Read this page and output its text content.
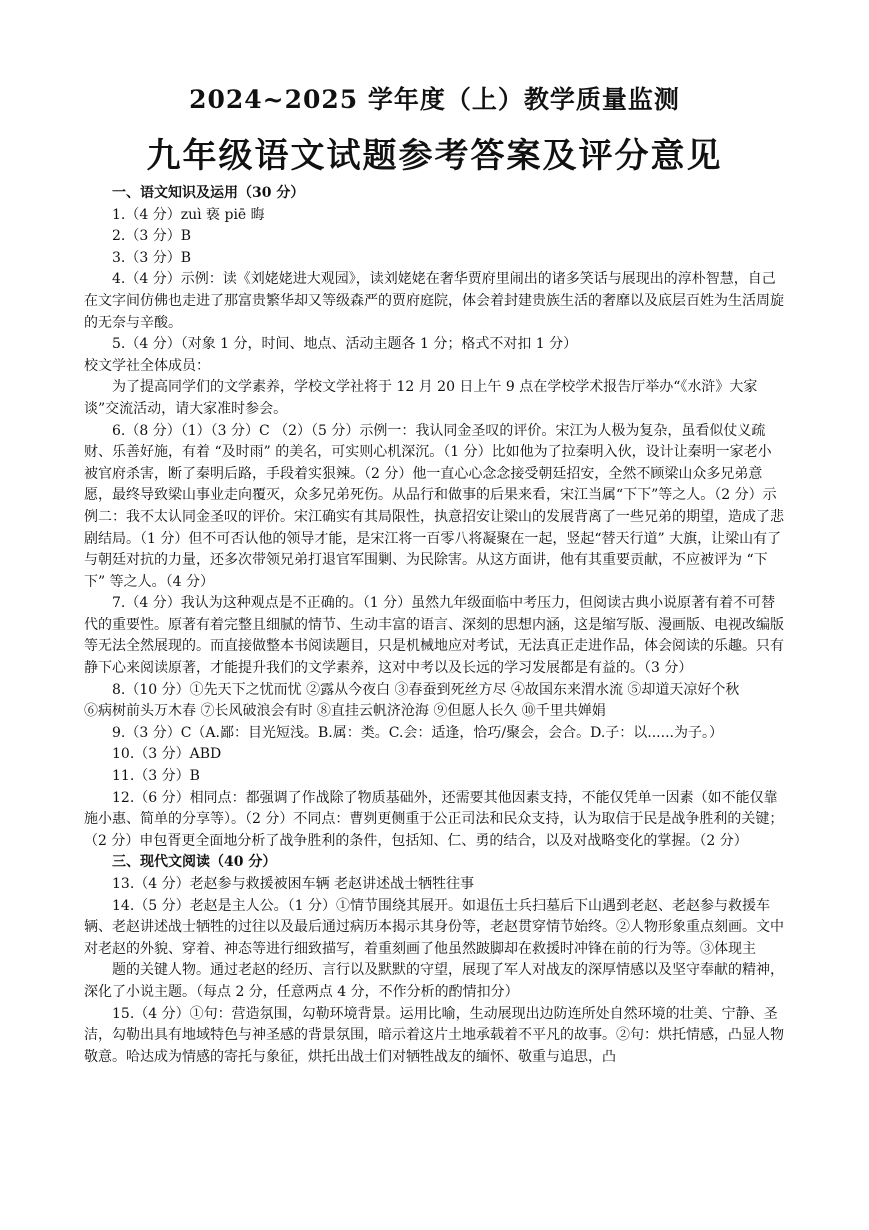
2024~2025 学年度（上）教学质量监测
九年级语文试题参考答案及评分意见

一、语文知识及运用（30 分）

1.（4 分）zuì 亵 piē 晦

2.（3 分）B

3.（3 分）B

4.（4 分）示例：读《刘姥姥进大观园》，读刘姥姥在奢华贾府里闹出的诸多笑话与展现出的淳朴智慧，自己在文字间仿佛也走进了那富贵繁华却又等级森严的贾府庭院，体会着封建贵族生活的奢靡以及底层百姓为生活周旋的无奈与辛酸。

5.（4 分）（对象 1 分，时间、地点、活动主题各 1 分；格式不对扣 1 分）

校文学社全体成员：

为了提高同学们的文学素养，学校文学社将于 12 月 20 日上午 9 点在学校学术报告厅举办“《水浒》大家谈”交流活动，请大家准时参会。

6.（8 分）（1）（3 分）C （2）（5 分）示例一：我认同金圣叹的评价。宋江为人极为复杂，虽看似仗义疏财、乐善好施，有着 “及时雨” 的美名，可实则心机深沉。（1 分）比如他为了拉秦明入伙，设计让秦明一家老小被官府杀害，断了秦明后路，手段着实狠辣。（2 分）他一直心心念念接受朝廷招安，全然不顾梁山众多兄弟意愿，最终导致梁山事业走向覆灭，众多兄弟死伤。从品行和做事的后果来看，宋江当属“下下”等之人。（2 分）示例二：我不太认同金圣叹的评价。宋江确实有其局限性，执意招安让梁山的发展背离了一些兄弟的期望，造成了悲剧结局。（1 分）但不可否认他的领导才能，是宋江将一百零八将凝聚在一起，竖起“替天行道” 大旗，让梁山有了与朝廷对抗的力量，还多次带领兄弟打退官军围剿、为民除害。从这方面讲，他有其重要贡献，不应被评为 “下下” 等之人。（4 分）

7.（4 分）我认为这种观点是不正确的。（1 分）虽然九年级面临中考压力，但阅读古典小说原著有着不可替代的重要性。原著有着完整且细腻的情节、生动丰富的语言、深刻的思想内涵，这是缩写版、漫画版、电视改编版等无法全然展现的。而直接做整本书阅读题目，只是机械地应对考试，无法真正走进作品，体会阅读的乐趣。只有静下心来阅读原著，才能提升我们的文学素养，这对中考以及长远的学习发展都是有益的。（3 分）

8.（10 分）①先天下之忧而忧 ②露从今夜白 ③春蚕到死丝方尽 ④故国东来渭水流 ⑤却道天凉好个秋

⑥病树前头万木春 ⑦长风破浪会有时 ⑧直挂云帆济沧海 ⑨但愿人长久 ⑩千里共婵娟

9.（3 分）C（A.鄙：目光短浅。B.属：类。C.会：适逢，恰巧/聚会，会合。D.子：以......为子。）

10.（3 分）ABD

11.（3 分）B

12.（6 分）相同点：都强调了作战除了物质基础外，还需要其他因素支持，不能仅凭单一因素（如不能仅靠施小惠、简单的分享等）。（2 分）不同点：曹刿更侧重于公正司法和民众支持，认为取信于民是战争胜利的关键；（2 分）申包胥更全面地分析了战争胜利的条件，包括知、仁、勇的结合，以及对战略变化的掌握。（2 分）

三、现代文阅读（40 分）

13.（4 分）老赵参与救援被困车辆 老赵讲述战士牺牲往事

14.（5 分）老赵是主人公。（1 分）①情节围绕其展开。如退伍士兵扫墓后下山遇到老赵、老赵参与救援车辆、老赵讲述战士牺牲的过往以及最后通过病历本揭示其身份等，老赵贯穿情节始终。②人物形象重点刻画。文中对老赵的外貌、穿着、神态等进行细致描写，着重刻画了他虽然跛脚却在救援时冲锋在前的行为等。③体现主

题的关键人物。通过老赵的经历、言行以及默默的守望，展现了军人对战友的深厚情感以及坚守奉献的精神，深化了小说主题。（每点 2 分，任意两点 4 分，不作分析的酌情扣分）

15.（4 分）①句：营造氛围，勾勒环境背景。运用比喻，生动展现出边防连所处自然环境的壮美、宁静、圣洁，勾勒出具有地域特色与神圣感的背景氛围，暗示着这片土地承载着不平凡的故事。②句：烘托情感，凸显人物敬意。哈达成为情感的寄托与象征，烘托出战士们对牺牲战友的缅怀、敬重与追思，凸
